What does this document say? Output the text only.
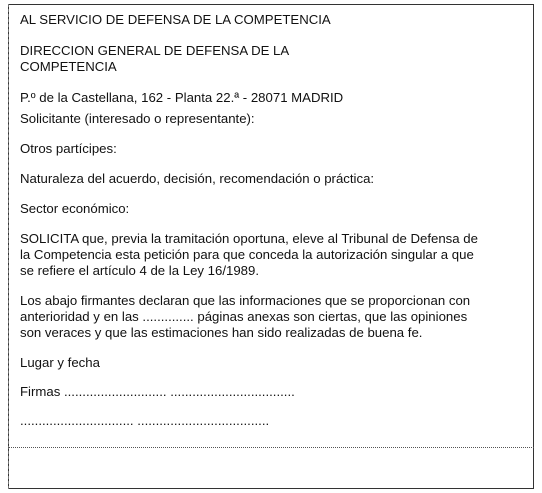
AL SERVICIO DE DEFENSA DE LA COMPETENCIA
DIRECCION GENERAL DE DEFENSA DE LA
COMPETENCIA
P.º de la Castellana, 162 - Planta 22.ª - 28071 MADRID
Solicitante (interesado o representante):
Otros partícipes:
Naturaleza del acuerdo, decisión, recomendación o práctica:
Sector económico:
SOLICITA que, previa la tramitación oportuna, eleve al Tribunal de Defensa de
la Competencia esta petición para que conceda la autorización singular a que
se refiere el artículo 4 de la Ley 16/1989.
Los abajo firmantes declaran que las informaciones que se proporcionan con
anterioridad y en las .............. páginas anexas son ciertas, que las opiniones
son veraces y que las estimaciones han sido realizadas de buena fe.
Lugar y fecha
Firmas ............................ ..................................
............................... ....................................
